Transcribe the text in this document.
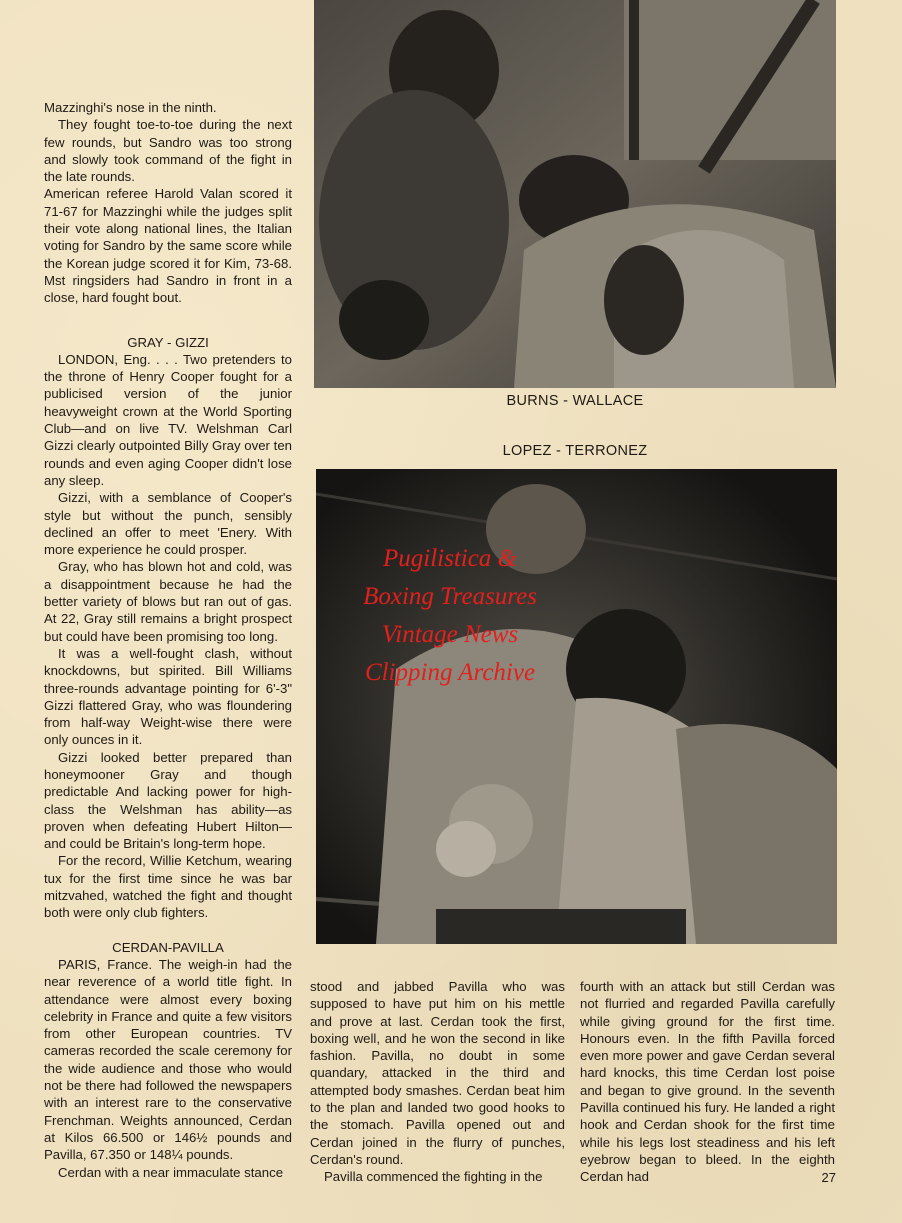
Mazzinghi's nose in the ninth.

They fought toe-to-toe during the next few rounds, but Sandro was too strong and slowly took command of the fight in the late rounds.

American referee Harold Valan scored it 71-67 for Mazzinghi while the judges split their vote along national lines, the Italian voting for Sandro by the same score while the Korean judge scored it for Kim, 73-68. Mst ringsiders had Sandro in front in a close, hard fought bout.

GRAY - GIZZI

LONDON, Eng. . . . Two pretenders to the throne of Henry Cooper fought for a publicised version of the junior heavyweight crown at the World Sporting Club—and on live TV. Welshman Carl Gizzi clearly outpointed Billy Gray over ten rounds and even aging Cooper didn't lose any sleep.

Gizzi, with a semblance of Cooper's style but without the punch, sensibly declined an offer to meet 'Enery. With more experience he could prosper.

Gray, who has blown hot and cold, was a disappointment because he had the better variety of blows but ran out of gas. At 22, Gray still remains a bright prospect but could have been promising too long.

It was a well-fought clash, without knockdowns, but spirited. Bill Williams three-rounds advantage pointing for 6'-3" Gizzi flattered Gray, who was floundering from half-way Weight-wise there were only ounces in it.

Gizzi looked better prepared than honeymooner Gray and though predictable And lacking power for high-class the Welshman has ability—as proven when defeating Hubert Hilton—and could be Britain's long-term hope.

For the record, Willie Ketchum, wearing tux for the first time since he was bar mitzvahed, watched the fight and thought both were only club fighters.

CERDAN-PAVILLA

PARIS, France. The weigh-in had the near reverence of a world title fight. In attendance were almost every boxing celebrity in France and quite a few visitors from other European countries. TV cameras recorded the scale ceremony for the wide audience and those who would not be there had followed the newspapers with an interest rare to the conservative Frenchman. Weights announced, Cerdan at Kilos 66.500 or 146½ pounds and Pavilla, 67.350 or 148¼ pounds.

Cerdan with a near immaculate stance

BURNS - WALLACE
LOPEZ - TERRONEZ
Pugilistica &
Boxing Treasures
Vintage News
Clipping Archive

stood and jabbed Pavilla who was supposed to have put him on his mettle and prove at last. Cerdan took the first, boxing well, and he won the second in like fashion. Pavilla, no doubt in some quandary, attacked in the third and attempted body smashes. Cerdan beat him to the plan and landed two good hooks to the stomach. Pavilla opened out and Cerdan joined in the flurry of punches, Cerdan's round.

Pavilla commenced the fighting in the

fourth with an attack but still Cerdan was not flurried and regarded Pavilla carefully while giving ground for the first time. Honours even. In the fifth Pavilla forced even more power and gave Cerdan several hard knocks, this time Cerdan lost poise and began to give ground. In the seventh Pavilla continued his fury. He landed a right hook and Cerdan shook for the first time while his legs lost steadiness and his left eyebrow began to bleed. In the eighth Cerdan had	27
